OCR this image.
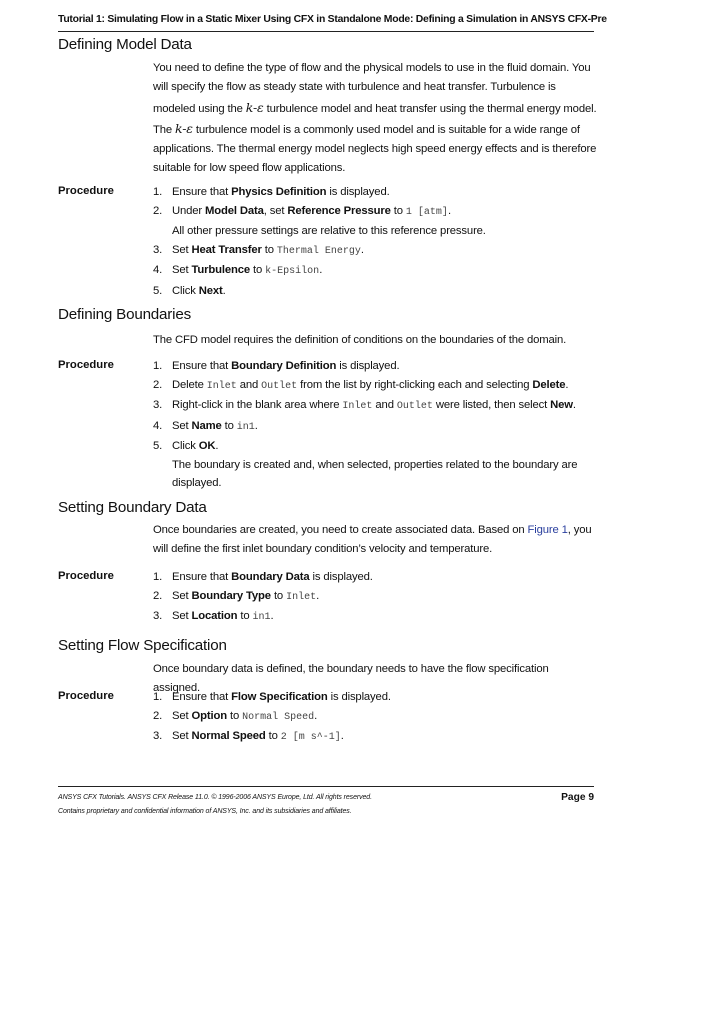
Tutorial 1: Simulating Flow in a Static Mixer Using CFX in Standalone Mode: Defining a Simulation in ANSYS CFX-Pre
Defining Model Data
You need to define the type of flow and the physical models to use in the fluid domain. You will specify the flow as steady state with turbulence and heat transfer. Turbulence is modeled using the k-ε turbulence model and heat transfer using the thermal energy model. The k-ε turbulence model is a commonly used model and is suitable for a wide range of applications. The thermal energy model neglects high speed energy effects and is therefore suitable for low speed flow applications.
Procedure	1. Ensure that Physics Definition is displayed.
2. Under Model Data, set Reference Pressure to 1 [atm].
All other pressure settings are relative to this reference pressure.
3. Set Heat Transfer to Thermal Energy.
4. Set Turbulence to k-Epsilon.
5. Click Next.
Defining Boundaries
The CFD model requires the definition of conditions on the boundaries of the domain.
Procedure	1. Ensure that Boundary Definition is displayed.
2. Delete Inlet and Outlet from the list by right-clicking each and selecting Delete.
3. Right-click in the blank area where Inlet and Outlet were listed, then select New.
4. Set Name to in1.
5. Click OK.
The boundary is created and, when selected, properties related to the boundary are displayed.
Setting Boundary Data
Once boundaries are created, you need to create associated data. Based on Figure 1, you will define the first inlet boundary condition’s velocity and temperature.
Procedure	1. Ensure that Boundary Data is displayed.
2. Set Boundary Type to Inlet.
3. Set Location to in1.
Setting Flow Specification
Once boundary data is defined, the boundary needs to have the flow specification assigned.
Procedure	1. Ensure that Flow Specification is displayed.
2. Set Option to Normal Speed.
3. Set Normal Speed to 2 [m s^-1].
ANSYS CFX Tutorials. ANSYS CFX Release 11.0. © 1996-2006 ANSYS Europe, Ltd. All rights reserved.
Contains proprietary and confidential information of ANSYS, Inc. and its subsidiaries and affiliates.
Page 9
